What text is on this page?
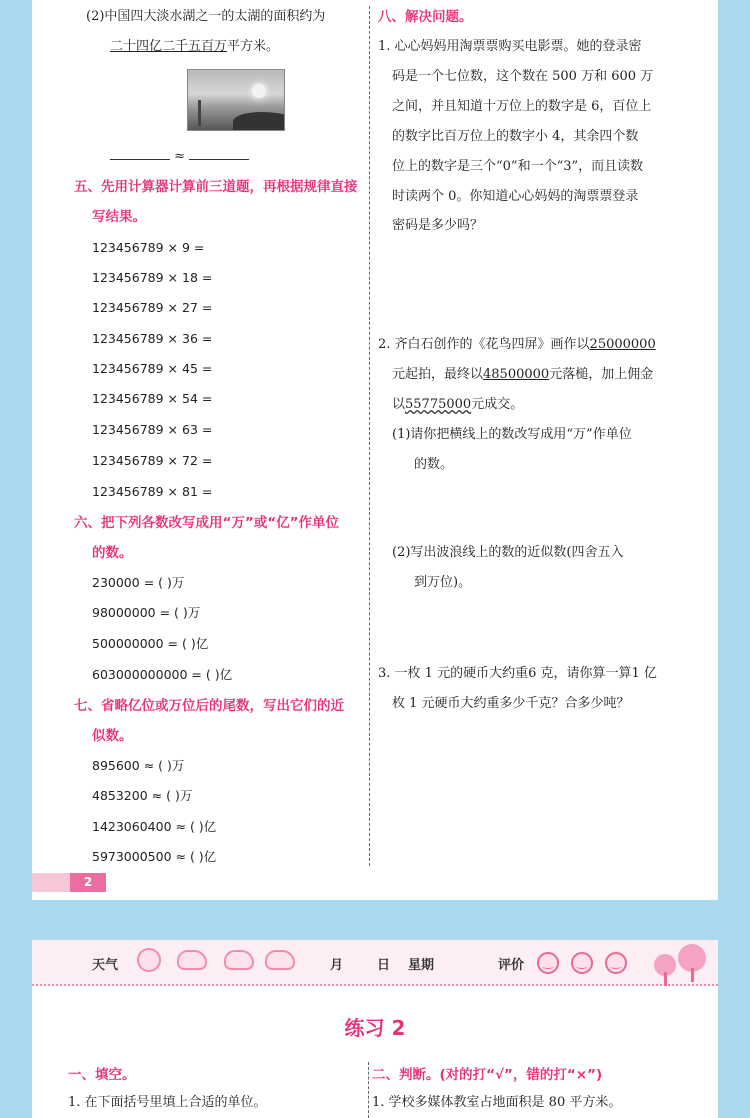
(2)中国四大淡水湖之一的太湖的面积约为
二十四亿二千五百万平方米。
≈
五、先用计算器计算前三道题，再根据规律直接
写结果。
123456789 × 9 =
123456789 × 18 =
123456789 × 27 =
123456789 × 36 =
123456789 × 45 =
123456789 × 54 =
123456789 × 63 =
123456789 × 72 =
123456789 × 81 =
六、把下列各数改写成用“万”或“亿”作单位
的数。
230000 = ( )万
98000000 = ( )万
500000000 = ( )亿
603000000000 = ( )亿
七、省略亿位或万位后的尾数，写出它们的近
似数。
895600 ≈ ( )万
4853200 ≈ ( )万
1423060400 ≈ ( )亿
5973000500 ≈ ( )亿
八、解决问题。
1. 心心妈妈用淘票票购买电影票。她的登录密
码是一个七位数，这个数在 500 万和 600 万
之间，并且知道十万位上的数字是 6，百位上
的数字比百万位上的数字小 4，其余四个数
位上的数字是三个“0”和一个“3”，而且读数
时读两个 0。你知道心心妈妈的淘票票登录
密码是多少吗？
2. 齐白石创作的《花鸟四屏》画作以25000000
元起拍，最终以48500000元落槌，加上佣金
以55775000元成交。
(1)请你把横线上的数改写成用“万”作单位
的数。
(2)写出波浪线上的数的近似数(四舍五入
到万位)。
3. 一枚 1 元的硬币大约重6 克，请你算一算1 亿
枚 1 元硬币大约重多少千克？合多少吨？
2
天气	月	日 星期	评价
‿
‿
‿
练习 2
一、填空。
1. 在下面括号里填上合适的单位。
二、判断。(对的打“√”，错的打“×”)
1. 学校多媒体教室占地面积是 80 平方米。
